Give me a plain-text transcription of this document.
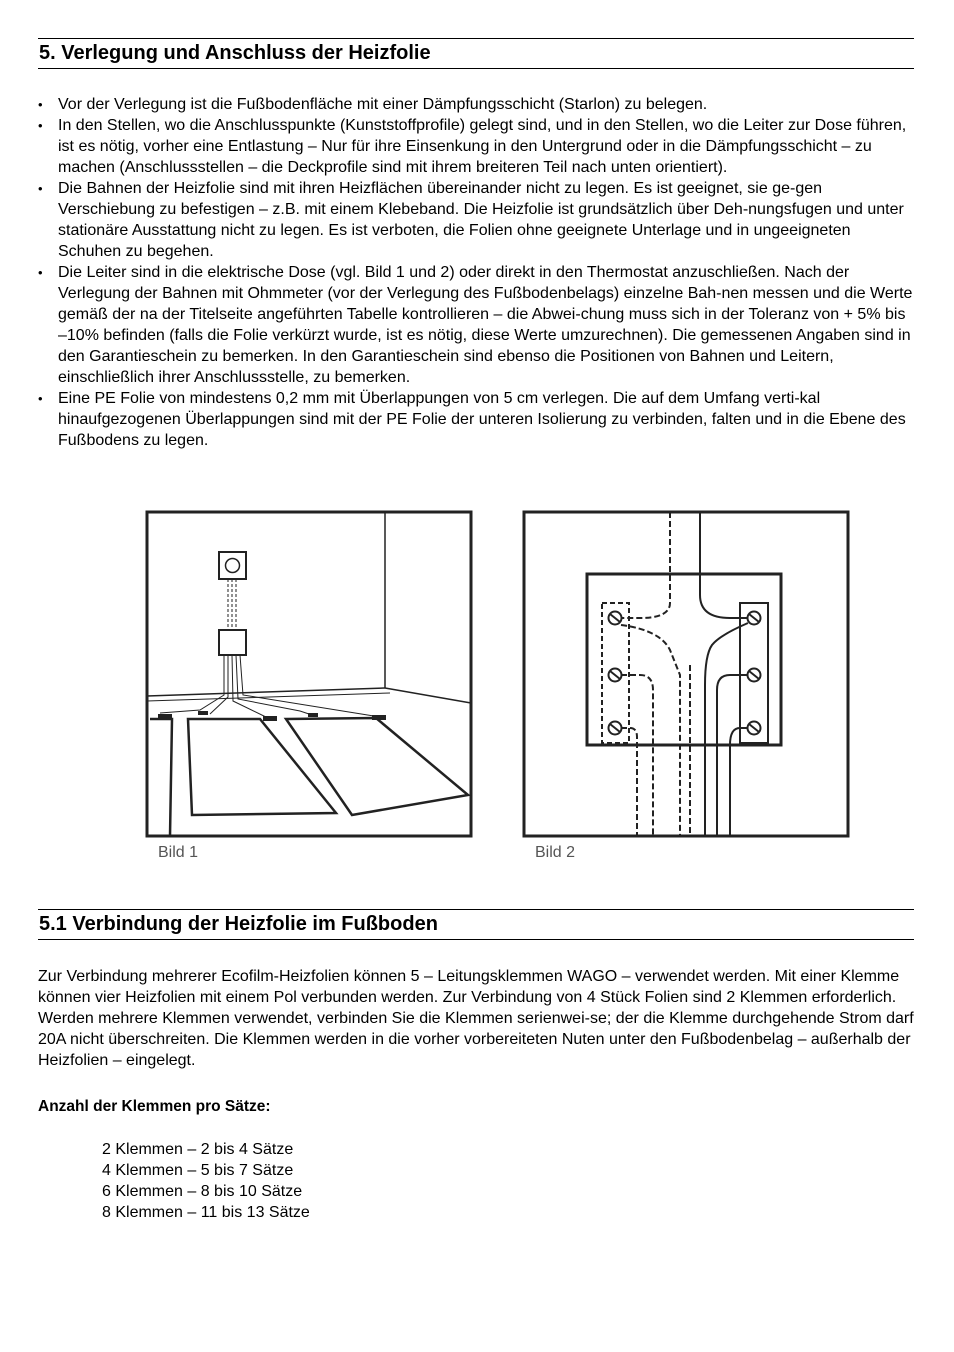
5. Verlegung und Anschluss der Heizfolie
• Vor der Verlegung ist die Fußbodenfläche mit einer Dämpfungsschicht (Starlon) zu belegen.
• In den Stellen, wo die Anschlusspunkte (Kunststoffprofile) gelegt sind, und in den Stellen, wo die Leiter zur Dose führen, ist es nötig, vorher eine Entlastung – Nur für ihre Einsenkung in den Untergrund oder in die Dämpfungsschicht – zu machen (Anschlussstellen – die Deckprofile sind mit ihrem breiteren Teil nach unten orientiert).
• Die Bahnen der Heizfolie sind mit ihren Heizflächen übereinander nicht zu legen. Es ist geeignet, sie ge-gen Verschiebung zu befestigen – z.B. mit einem Klebeband. Die Heizfolie ist grundsätzlich über Deh-nungsfugen und unter stationäre Ausstattung nicht zu legen. Es ist verboten, die Folien ohne geeignete Unterlage und in ungeeigneten Schuhen zu begehen.
• Die Leiter sind in die elektrische Dose (vgl. Bild 1 und 2) oder direkt in den Thermostat anzuschließen. Nach der Verlegung der Bahnen mit Ohmmeter (vor der Verlegung des Fußbodenbelags) einzelne Bah-nen messen und die Werte gemäß der na der Titelseite angeführten Tabelle kontrollieren – die Abwei-chung muss sich in der Toleranz von + 5% bis –10% befinden (falls die Folie verkürzt wurde, ist es nötig, diese Werte umzurechnen). Die gemessenen Angaben sind in den Garantieschein zu bemerken. In den Garantieschein sind ebenso die Positionen von Bahnen und Leitern, einschließlich ihrer Anschlussstelle, zu bemerken.
• Eine PE Folie von mindestens 0,2 mm mit Überlappungen von 5 cm verlegen. Die auf dem Umfang verti-kal hinaufgezogenen Überlappungen sind mit der PE Folie der unteren Isolierung zu verbinden, falten und in die Ebene des Fußbodens zu legen.
Bild 1	Bild 2
5.1 Verbindung der Heizfolie im Fußboden

Zur Verbindung mehrerer Ecofilm-Heizfolien können 5 – Leitungsklemmen WAGO – verwendet werden. Mit einer Klemme können vier Heizfolien mit einem Pol verbunden werden. Zur Verbindung von 4 Stück Folien sind 2 Klemmen erforderlich. Werden mehrere Klemmen verwendet, verbinden Sie die Klemmen serienwei-se; der die Klemme durchgehende Strom darf 20A nicht überschreiten. Die Klemmen werden in die vorher vorbereiteten Nuten unter den Fußbodenbelag – außerhalb der Heizfolien – eingelegt.

Anzahl der Klemmen pro Sätze:

2 Klemmen – 2 bis 4 Sätze
4 Klemmen – 5 bis 7 Sätze
6 Klemmen – 8 bis 10 Sätze
8 Klemmen – 11 bis 13 Sätze
